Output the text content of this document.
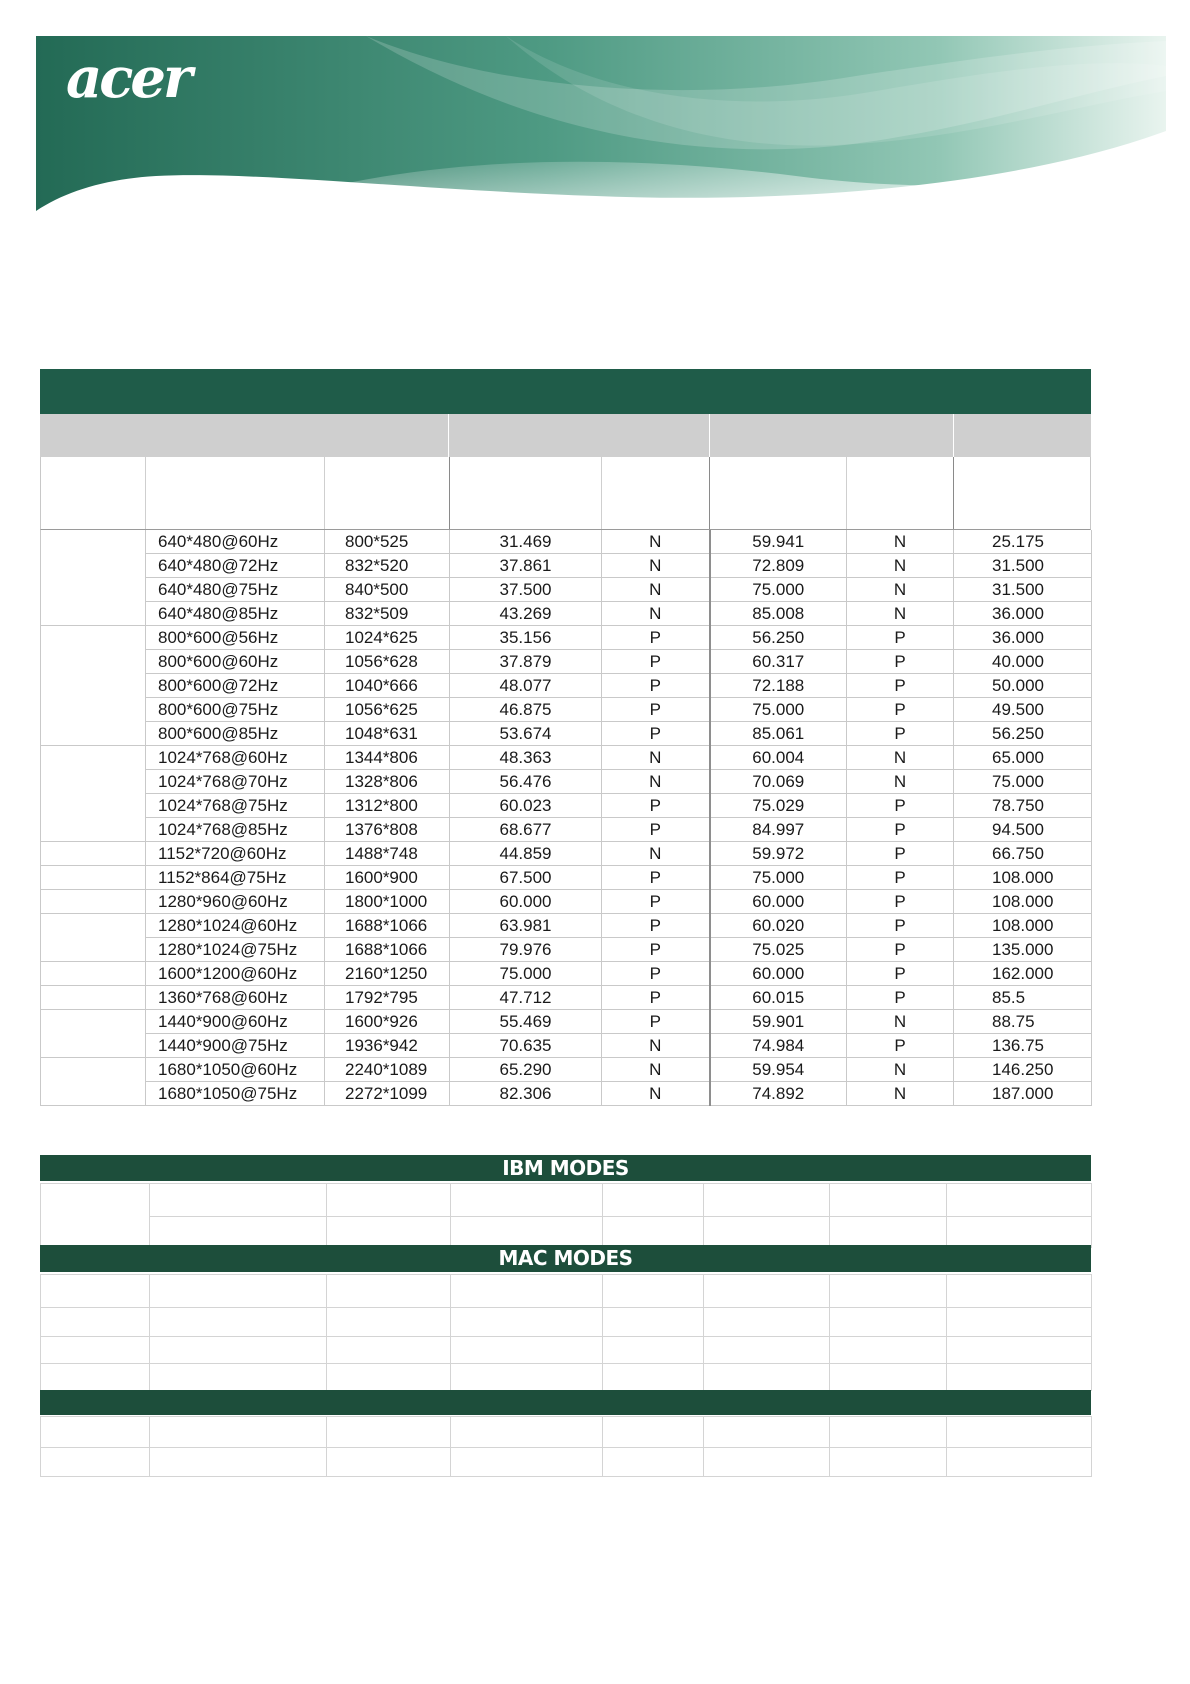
acer
	640*480@60Hz	800*525	31.469	N	59.941	N	25.175
	640*480@72Hz	832*520	37.861	N	72.809	N	31.500
	640*480@75Hz	840*500	37.500	N	75.000	N	31.500
	640*480@85Hz	832*509	43.269	N	85.008	N	36.000
	800*600@56Hz	1024*625	35.156	P	56.250	P	36.000
	800*600@60Hz	1056*628	37.879	P	60.317	P	40.000
	800*600@72Hz	1040*666	48.077	P	72.188	P	50.000
	800*600@75Hz	1056*625	46.875	P	75.000	P	49.500
	800*600@85Hz	1048*631	53.674	P	85.061	P	56.250
	1024*768@60Hz	1344*806	48.363	N	60.004	N	65.000
	1024*768@70Hz	1328*806	56.476	N	70.069	N	75.000
	1024*768@75Hz	1312*800	60.023	P	75.029	P	78.750
	1024*768@85Hz	1376*808	68.677	P	84.997	P	94.500
	1152*720@60Hz	1488*748	44.859	N	59.972	P	66.750
	1152*864@75Hz	1600*900	67.500	P	75.000	P	108.000
	1280*960@60Hz	1800*1000	60.000	P	60.000	P	108.000
	1280*1024@60Hz	1688*1066	63.981	P	60.020	P	108.000
	1280*1024@75Hz	1688*1066	79.976	P	75.025	P	135.000
	1600*1200@60Hz	2160*1250	75.000	P	60.000	P	162.000
	1360*768@60Hz	1792*795	47.712	P	60.015	P	85.5
	1440*900@60Hz	1600*926	55.469	P	59.901	N	88.75
	1440*900@75Hz	1936*942	70.635	N	74.984	P	136.75
	1680*1050@60Hz	2240*1089	65.290	N	59.954	N	146.250
	1680*1050@75Hz	2272*1099	82.306	N	74.892	N	187.000
IBM MODES

MAC MODES
